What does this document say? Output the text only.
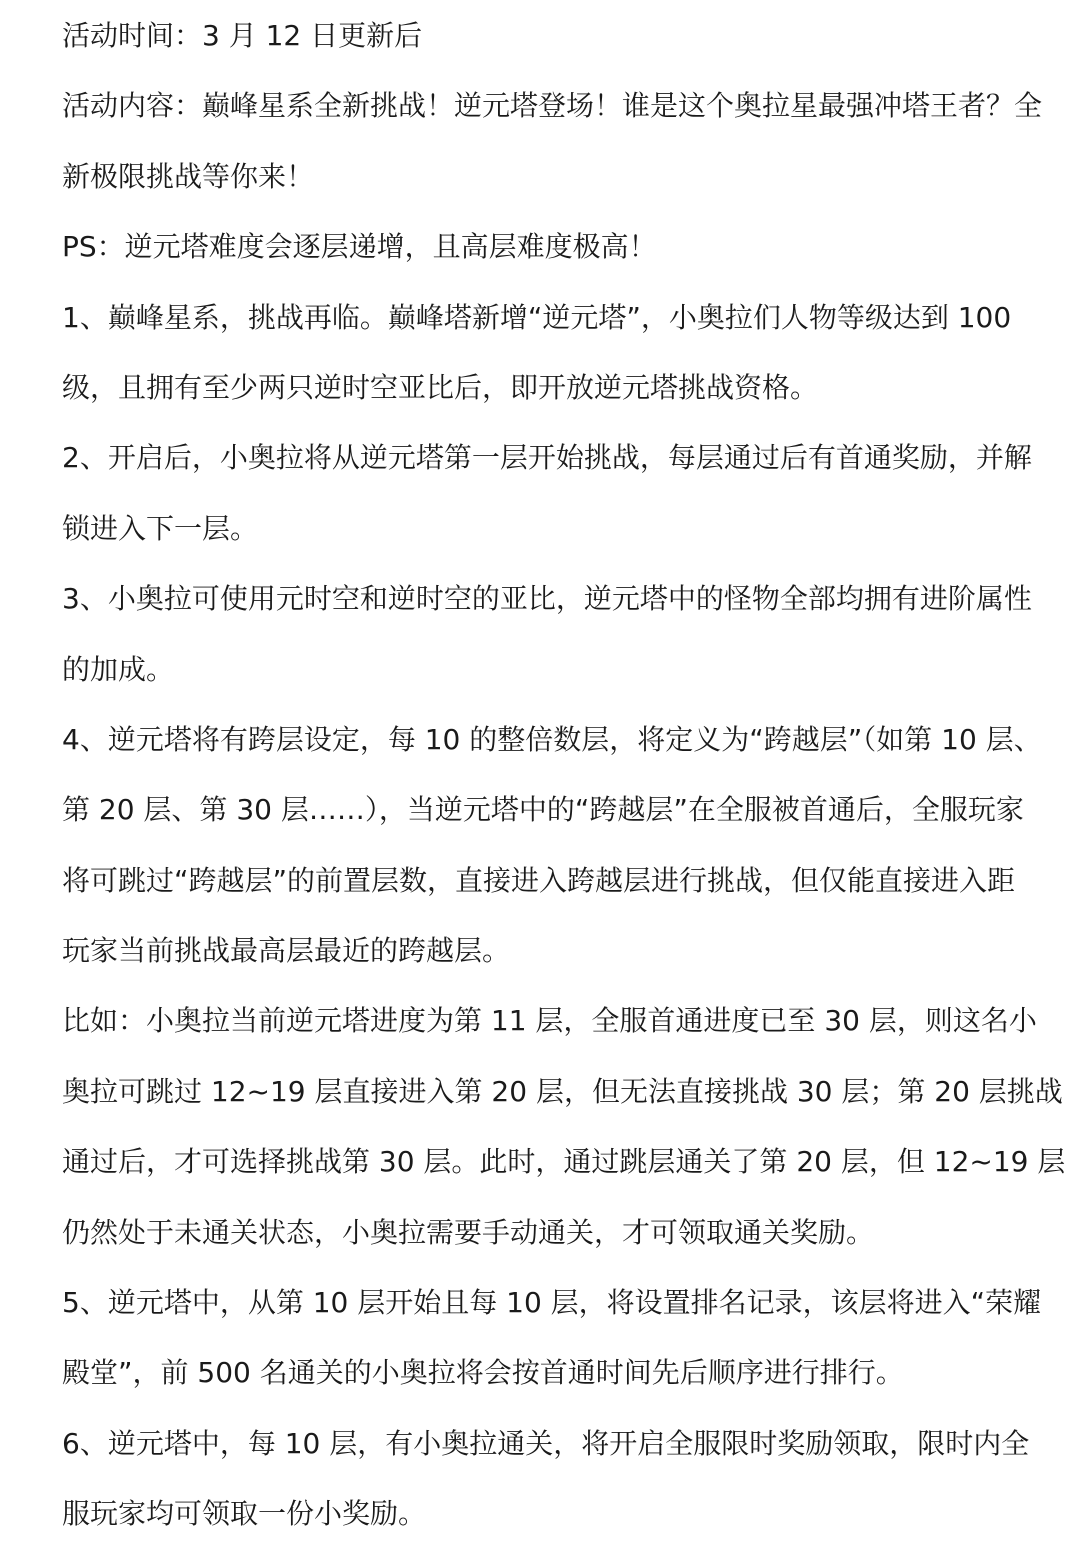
活动时间：3 月 12 日更新后
活动内容：巅峰星系全新挑战！逆元塔登场！谁是这个奥拉星最强冲塔王者？全
新极限挑战等你来！
PS：逆元塔难度会逐层递增，且高层难度极高！
1、巅峰星系，挑战再临。巅峰塔新增“逆元塔”，小奥拉们人物等级达到 100
级，且拥有至少两只逆时空亚比后，即开放逆元塔挑战资格。
2、开启后，小奥拉将从逆元塔第一层开始挑战，每层通过后有首通奖励，并解
锁进入下一层。
3、小奥拉可使用元时空和逆时空的亚比，逆元塔中的怪物全部均拥有进阶属性
的加成。
4、逆元塔将有跨层设定，每 10 的整倍数层，将定义为“跨越层”（如第 10 层、
第 20 层、第 30 层……），当逆元塔中的“跨越层”在全服被首通后，全服玩家
将可跳过“跨越层”的前置层数，直接进入跨越层进行挑战，但仅能直接进入距
玩家当前挑战最高层最近的跨越层。
比如：小奥拉当前逆元塔进度为第 11 层，全服首通进度已至 30 层，则这名小
奥拉可跳过 12~19 层直接进入第 20 层，但无法直接挑战 30 层；第 20 层挑战
通过后，才可选择挑战第 30 层。此时，通过跳层通关了第 20 层，但 12~19 层
仍然处于未通关状态，小奥拉需要手动通关，才可领取通关奖励。
5、逆元塔中，从第 10 层开始且每 10 层，将设置排名记录，该层将进入“荣耀
殿堂”，前 500 名通关的小奥拉将会按首通时间先后顺序进行排行。
6、逆元塔中，每 10 层，有小奥拉通关，将开启全服限时奖励领取，限时内全
服玩家均可领取一份小奖励。
